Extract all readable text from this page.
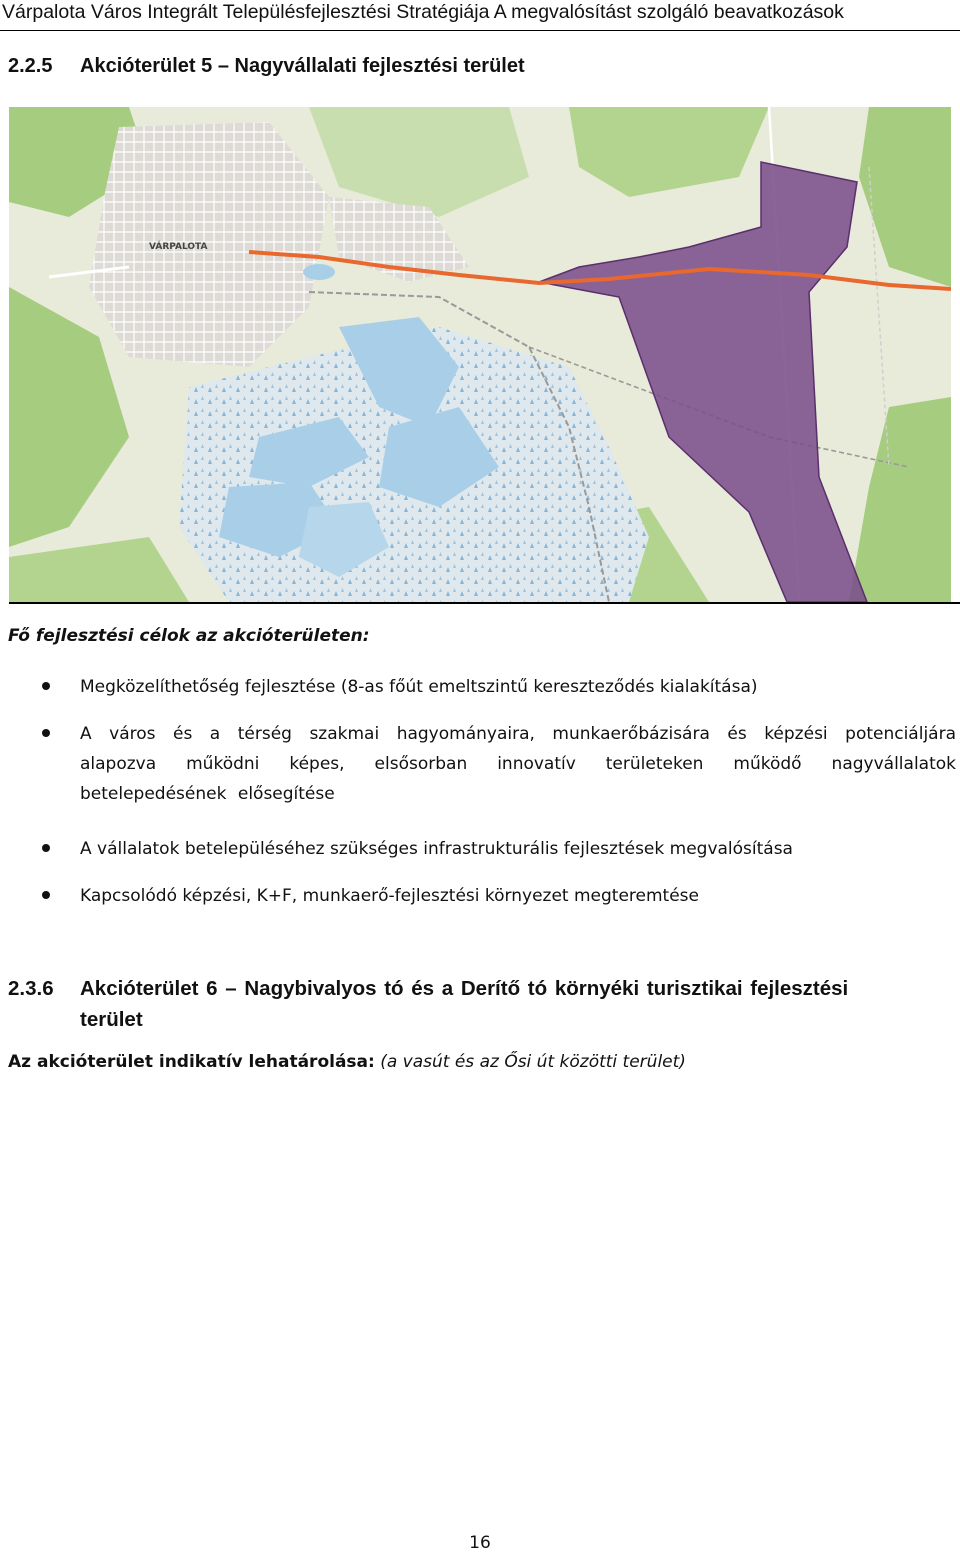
Várpalota Város Integrált Településfejlesztési Stratégiája A megvalósítást szolgáló beavatkozások
2.2.5 Akcióterület 5 – Nagyvállalati fejlesztési terület
VÁRPALOTA
Fő fejlesztési célok az akcióterületen:
Megközelíthetőség fejlesztése (8-as főút emeltszintű kereszteződés kialakítása)
A város és a térség szakmai hagyományaira, munkaerőbázisára és képzési potenciáljára alapozva működni képes, elsősorban innovatív területeken működő nagyvállalatok betelepedésének elősegítése
A vállalatok betelepüléséhez szükséges infrastrukturális fejlesztések megvalósítása
Kapcsolódó képzési, K+F, munkaerő-fejlesztési környezet megteremtése
2.3.6 Akcióterület 6 – Nagybivalyos tó és a Derítő tó környéki turisztikai fejlesztési
terület
Az akcióterület indikatív lehatárolása: (a vasút és az Ősi út közötti terület)
16
